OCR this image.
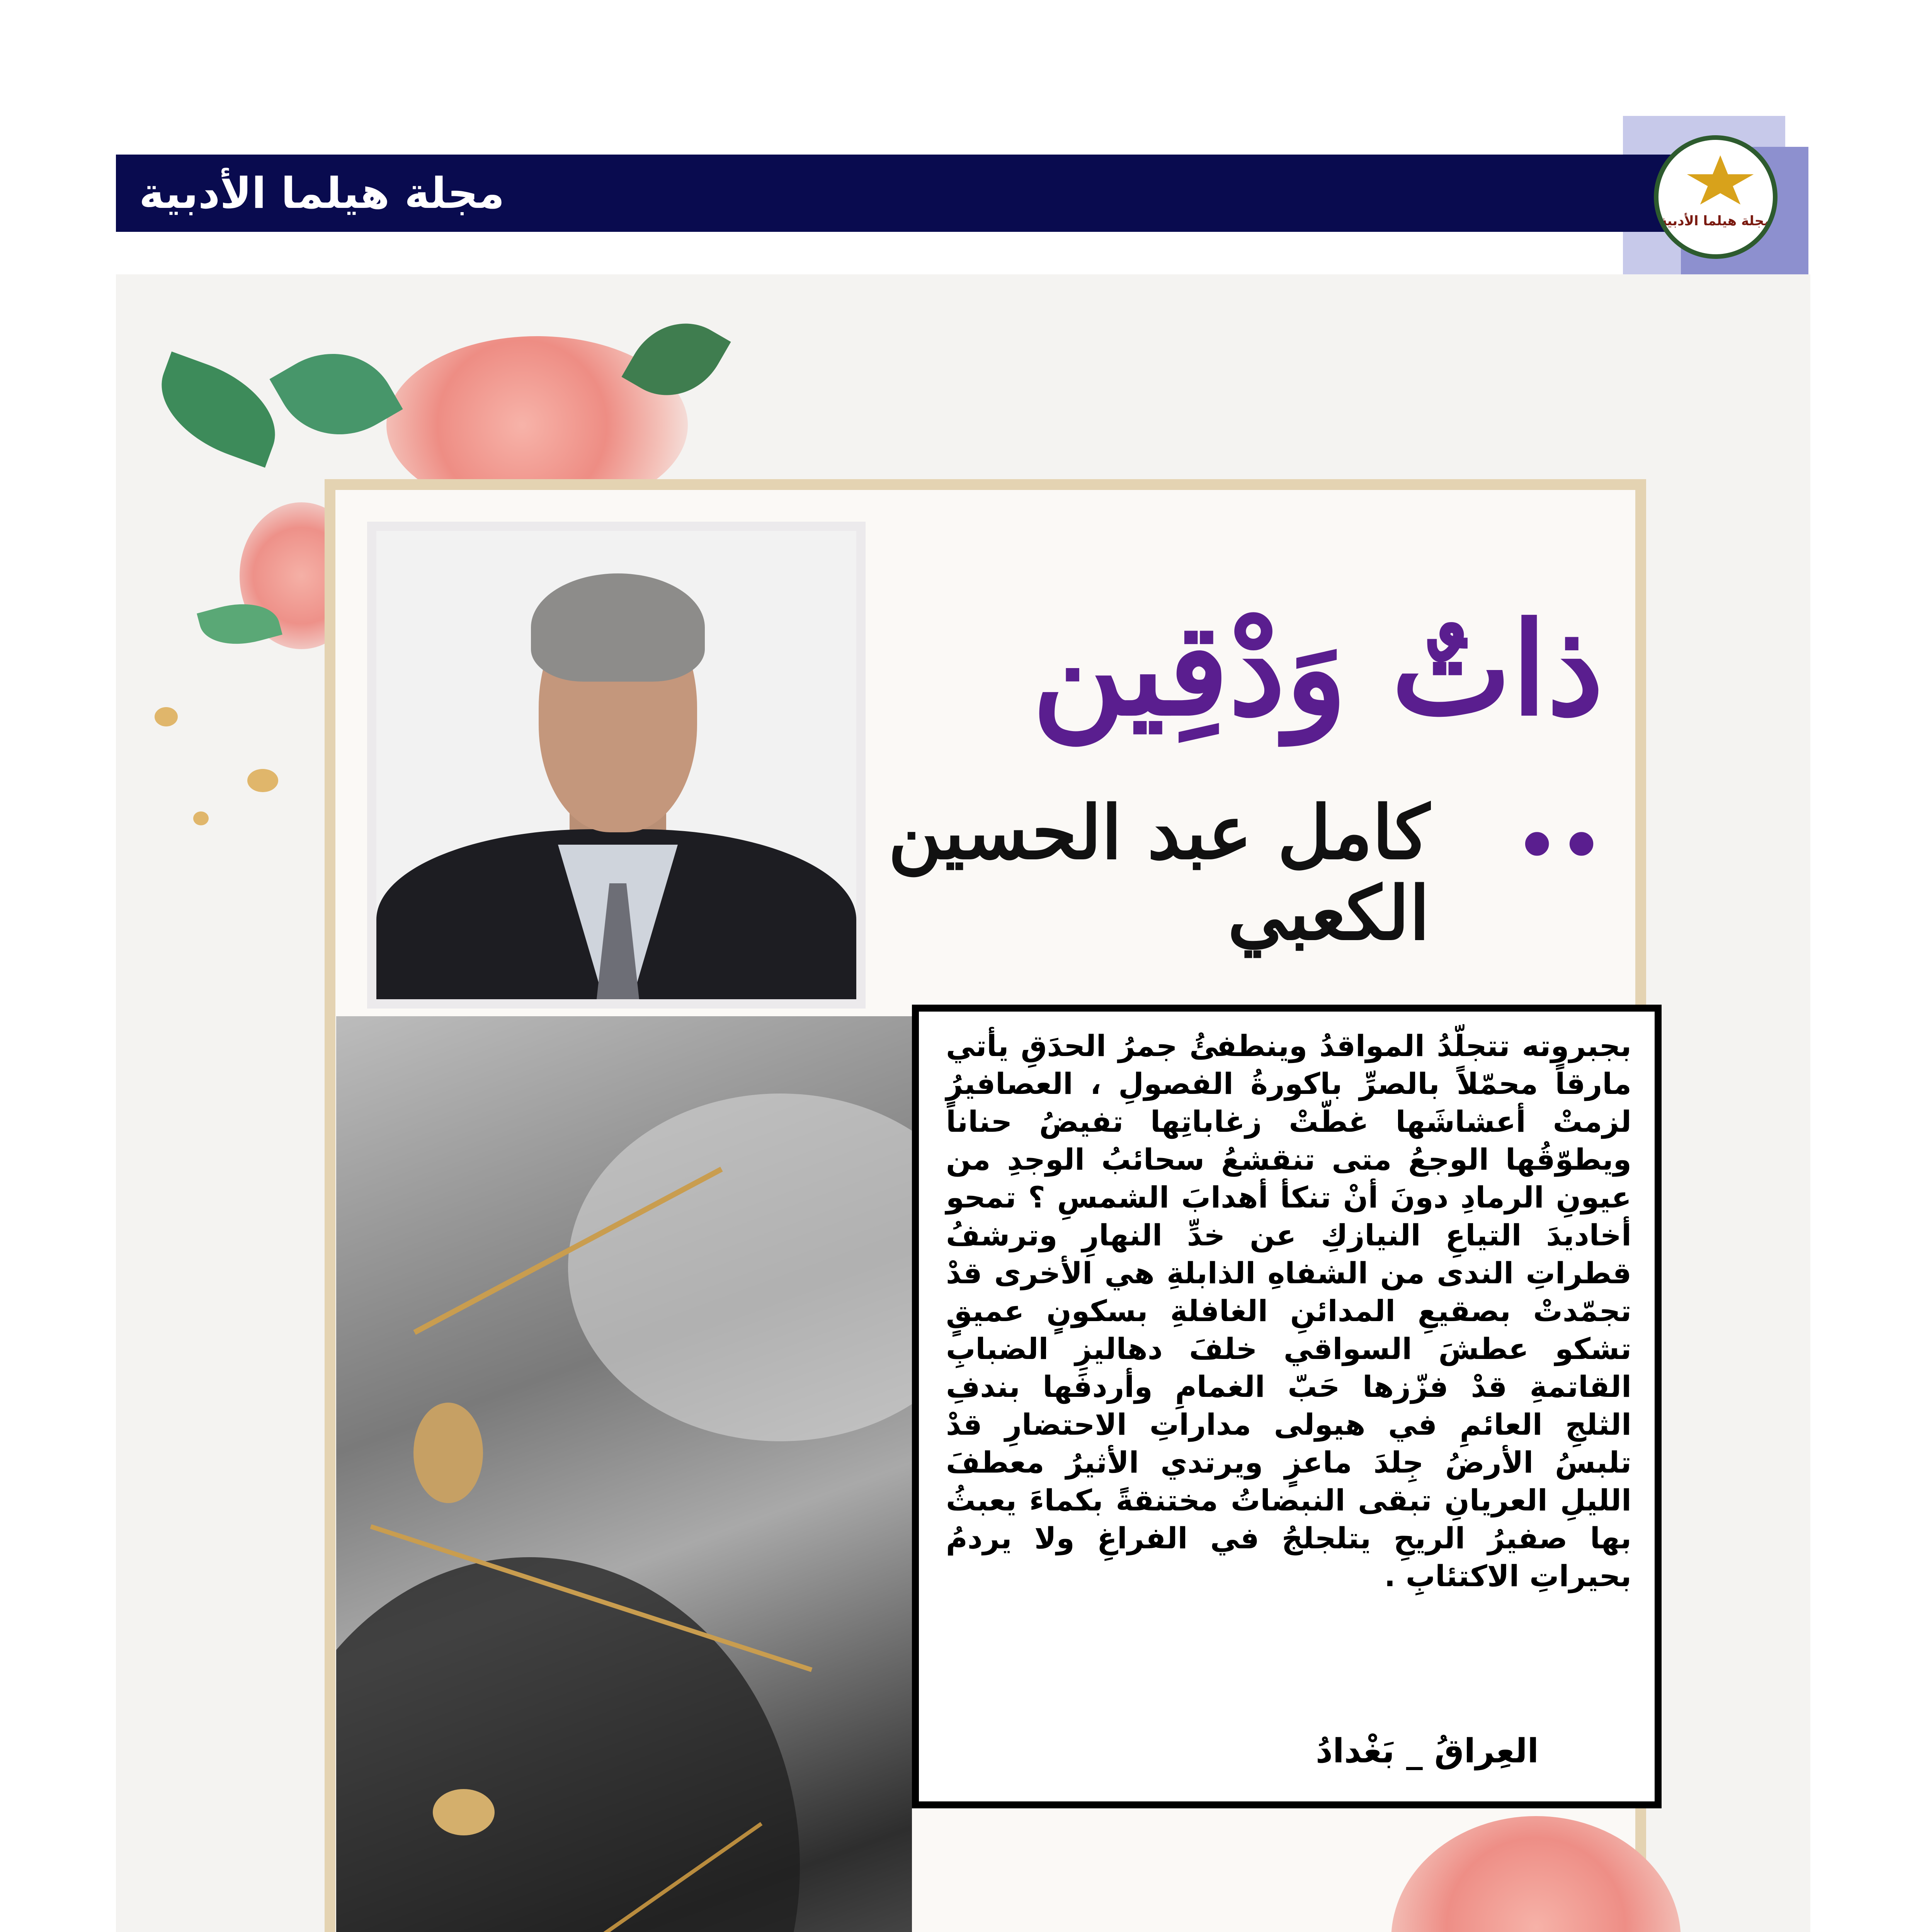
مجلة هيلما الأدبية
مجلة هيلما الأدبية
ذاتٌ وَدْقِين ..
كامل عبد الحسين الكعبي

بجبروته تتجلّدُ المواقدُ وينطفئُ جمرُ الحدَقِ يأتي مارقاً محمّلاً بالصرِّ باكورةُ الفصولِ ، العصافيرُ لزمتْ أعشاشَها غطّتْ زغاباتِها تفيضُ حناناً ويطوّقُها الوجعُ متى تنقشعُ سحائبُ الوجدِ من عيونِ الرمادِ دونَ أنْ تنكأ أهدابَ الشمسِ ؟ تمحو أخاديدَ التياعِ النيازكِ عن خدِّ النهارِ وترشفُ قطراتِ الندى من الشفاهِ الذابلةِ هي الأخرى قدْ تجمّدتْ بصقيعِ المدائنِ الغافلةِ بسكونٍ عميقٍ تشكو عطشَ السواقي خلفَ دهاليزِ الضبابِ القاتمةِ قدْ فزّزها حَبّ الغمامِ وأردفَها بندفِ الثلجِ العائمِ في هيولى مداراتِ الاحتضارِ قدْ تلبسُ الأرضُ جِلدَ ماعزٍ ويرتدي الأثيرُ معطفَ الليلِ العريانِ تبقى النبضاتُ مختنقةً بكماءَ يعبثُ بها صفيرُ الريحِ يتلجلجُ في الفراغِ ولا يردمُ بحيراتِ الاكتئابِ .

العِراقُ _ بَغْدادُ
